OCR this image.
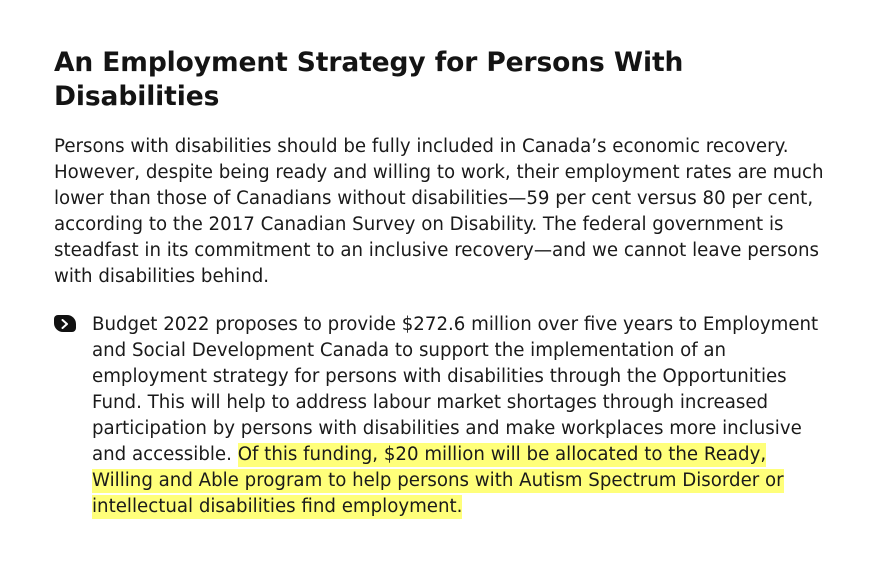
An Employment Strategy for Persons With Disabilities

Persons with disabilities should be fully included in Canada’s economic recovery. However, despite being ready and willing to work, their employment rates are much lower than those of Canadians without disabilities—59 per cent versus 80 per cent, according to the 2017 Canadian Survey on Disability. The federal government is steadfast in its commitment to an inclusive recovery—and we cannot leave persons with disabilities behind.

Budget 2022 proposes to provide $272.6 million over five years to Employment and Social Development Canada to support the implementation of an employment strategy for persons with disabilities through the Opportunities Fund. This will help to address labour market shortages through increased participation by persons with disabilities and make workplaces more inclusive and accessible. Of this funding, $20 million will be allocated to the Ready, Willing and Able program to help persons with Autism Spectrum Disorder or intellectual disabilities find employment.
